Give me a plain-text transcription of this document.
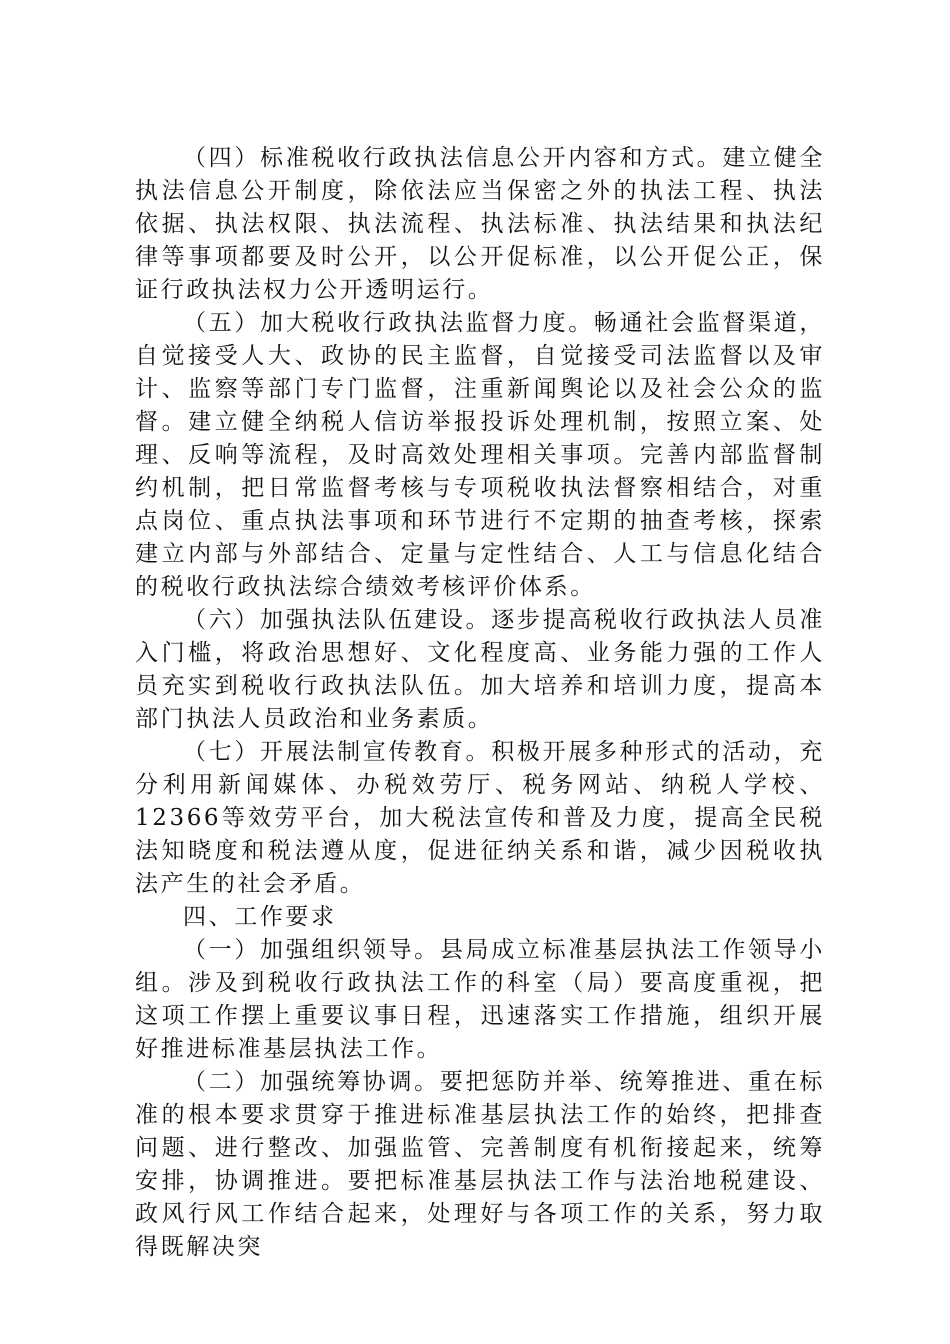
（四）标准税收行政执法信息公开内容和方式。建立健全执法信息公开制度，除依法应当保密之外的执法工程、执法依据、执法权限、执法流程、执法标准、执法结果和执法纪律等事项都要及时公开，以公开促标准，以公开促公正，保证行政执法权力公开透明运行。

（五）加大税收行政执法监督力度。畅通社会监督渠道，自觉接受人大、政协的民主监督，自觉接受司法监督以及审计、监察等部门专门监督，注重新闻舆论以及社会公众的监督。建立健全纳税人信访举报投诉处理机制，按照立案、处理、反响等流程，及时高效处理相关事项。完善内部监督制约机制，把日常监督考核与专项税收执法督察相结合，对重点岗位、重点执法事项和环节进行不定期的抽查考核，探索建立内部与外部结合、定量与定性结合、人工与信息化结合的税收行政执法综合绩效考核评价体系。

（六）加强执法队伍建设。逐步提高税收行政执法人员准入门槛，将政治思想好、文化程度高、业务能力强的工作人员充实到税收行政执法队伍。加大培养和培训力度，提高本部门执法人员政治和业务素质。

（七）开展法制宣传教育。积极开展多种形式的活动，充分利用新闻媒体、办税效劳厅、税务网站、纳税人学校、12366等效劳平台，加大税法宣传和普及力度，提高全民税法知晓度和税法遵从度，促进征纳关系和谐，减少因税收执法产生的社会矛盾。

四、工作要求

（一）加强组织领导。县局成立标准基层执法工作领导小组。涉及到税收行政执法工作的科室（局）要高度重视，把这项工作摆上重要议事日程，迅速落实工作措施，组织开展好推进标准基层执法工作。

（二）加强统筹协调。要把惩防并举、统筹推进、重在标准的根本要求贯穿于推进标准基层执法工作的始终，把排查问题、进行整改、加强监管、完善制度有机衔接起来，统筹安排，协调推进。要把标准基层执法工作与法治地税建设、政风行风工作结合起来，处理好与各项工作的关系，努力取得既解决突
